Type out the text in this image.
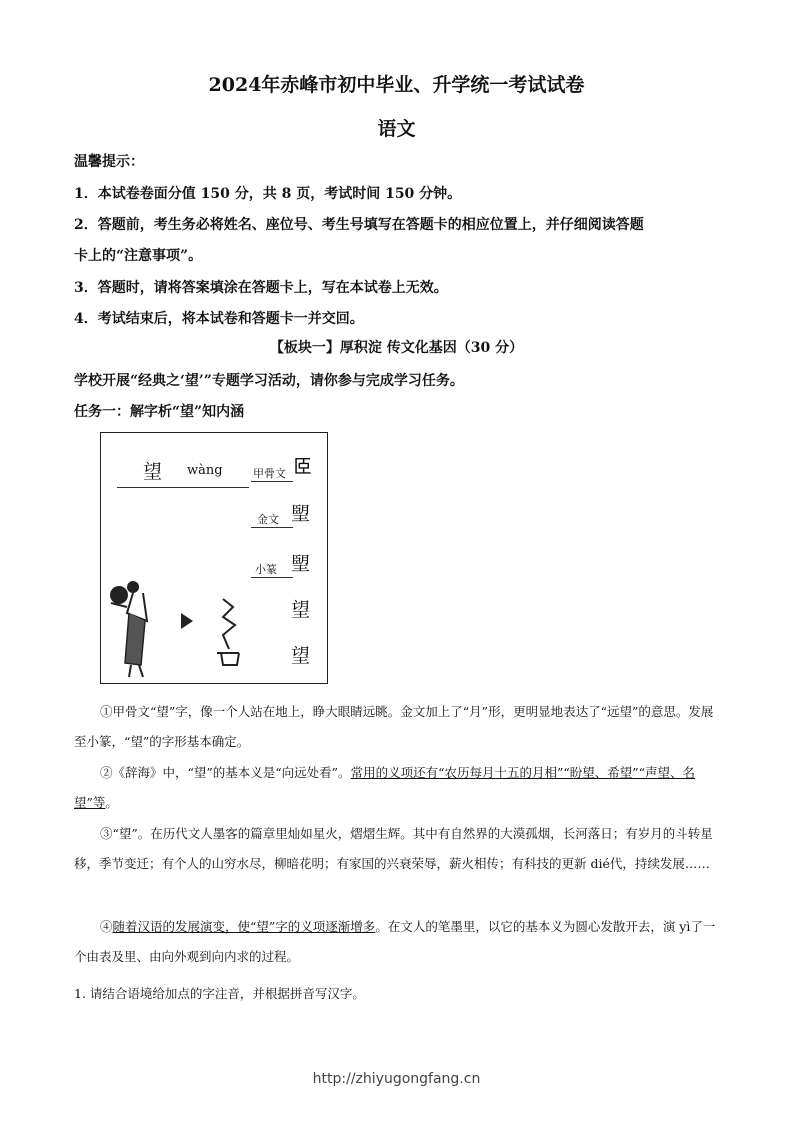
2024年赤峰市初中毕业、升学统一考试试卷
语文
温馨提示：
1．本试卷卷面分值 150 分，共 8 页，考试时间 150 分钟。
2．答题前，考生务必将姓名、座位号、考生号填写在答题卡的相应位置上，并仔细阅读答题
卡上的“注意事项”。
3．答题时，请将答案填涂在答题卡上，写在本试卷上无效。
4．考试结束后，将本试卷和答题卡一并交回。
【板块一】厚积淀 传文化基因（30 分）
学校开展“经典之‘望’”专题学习活动，请你参与完成学习任务。
任务一：解字析“望”知内涵
望 wàng	甲骨文
金文
小篆
𦣞
朢
朢
望
望
①甲骨文“望”字，像一个人站在地上，睁大眼睛远眺。金文加上了“月”形，更明显地表达了“远望”的意思。发展至小篆，“望”的字形基本确定。
②《辞海》中，“望”的基本义是“向远处看”。常用的义项还有“农历每月十五的月相”“盼望、希望”“声望、名望”等。
③“望”。在历代文人墨客的篇章里灿如星火，熠熠生辉。其中有自然界的大漠孤烟，长河落日；有岁月的斗转星移，季节变迁；有个人的山穷水尽，柳暗花明；有家国的兴衰荣辱，薪火相传；有科技的更新 dié代，持续发展……
④随着汉语的发展演变，使“望”字的义项逐渐增多。在文人的笔墨里，以它的基本义为圆心发散开去，演 yì了一个由表及里、由向外观到向内求的过程。
1. 请结合语境给加点的字注音，并根据拼音写汉字。
http://zhiyugongfang.cn
